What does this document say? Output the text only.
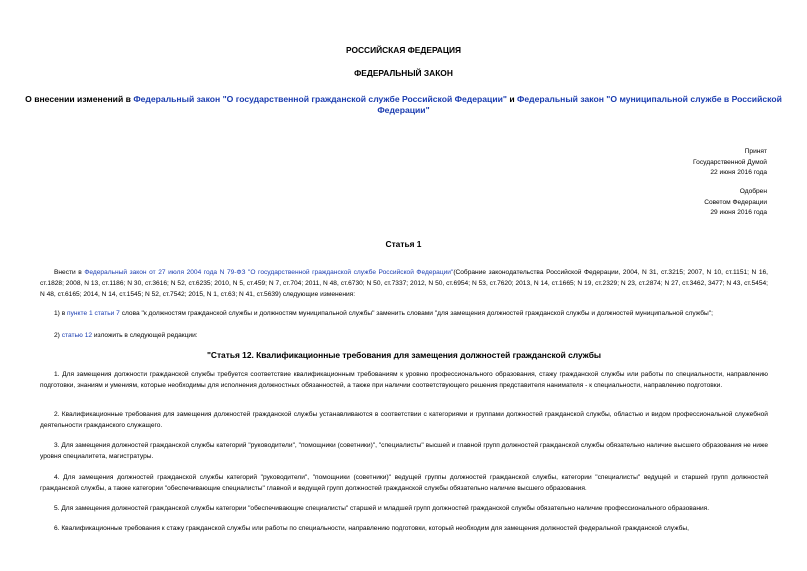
РОССИЙСКАЯ ФЕДЕРАЦИЯ
ФЕДЕРАЛЬНЫЙ ЗАКОН
О внесении изменений в Федеральный закон "О государственной гражданской службе Российской Федерации" и Федеральный закон "О муниципальной службе в Российской Федерации"
Принят
Государственной Думой
22 июня 2016 года
Одобрен
Советом Федерации
29 июня 2016 года
Статья 1
Внести в Федеральный закон от 27 июля 2004 года N 79-ФЗ "О государственной гражданской службе Российской Федерации"(Собрание законодательства Российской Федерации, 2004, N 31, ст.3215; 2007, N 10, ст.1151; N 16, ст.1828; 2008, N 13, ст.1186; N 30, ст.3616; N 52, ст.6235; 2010, N 5, ст.459; N 7, ст.704; 2011, N 48, ст.6730; N 50, ст.7337; 2012, N 50, ст.6954; N 53, ст.7620; 2013, N 14, ст.1665; N 19, ст.2329; N 23, ст.2874; N 27, ст.3462, 3477; N 43, ст.5454; N 48, ст.6165; 2014, N 14, ст.1545; N 52, ст.7542; 2015, N 1, ст.63; N 41, ст.5639) следующие изменения:
1) в пункте 1 статьи 7 слова "к должностям гражданской службы и должностям муниципальной службы" заменить словами "для замещения должностей гражданской службы и должностей муниципальной службы";
2) статью 12 изложить в следующей редакции:
"Статья 12. Квалификационные требования для замещения должностей гражданской службы
1. Для замещения должности гражданской службы требуется соответствие квалификационным требованиям к уровню профессионального образования, стажу гражданской службы или работы по специальности, направлению подготовки, знаниям и умениям, которые необходимы для исполнения должностных обязанностей, а также при наличии соответствующего решения представителя нанимателя - к специальности, направлению подготовки.
2. Квалификационные требования для замещения должностей гражданской службы устанавливаются в соответствии с категориями и группами должностей гражданской службы, областью и видом профессиональной служебной деятельности гражданского служащего.
3. Для замещения должностей гражданской службы категорий "руководители", "помощники (советники)", "специалисты" высшей и главной групп должностей гражданской службы обязательно наличие высшего образования не ниже уровня специалитета, магистратуры.
4. Для замещения должностей гражданской службы категорий "руководители", "помощники (советники)" ведущей группы должностей гражданской службы, категории "специалисты" ведущей и старшей групп должностей гражданской службы, а также категории "обеспечивающие специалисты" главной и ведущей групп должностей гражданской службы обязательно наличие высшего образования.
5. Для замещения должностей гражданской службы категории "обеспечивающие специалисты" старшей и младшей групп должностей гражданской службы обязательно наличие профессионального образования.
6. Квалификационные требования к стажу гражданской службы или работы по специальности, направлению подготовки, который необходим для замещения должностей федеральной гражданской службы,
